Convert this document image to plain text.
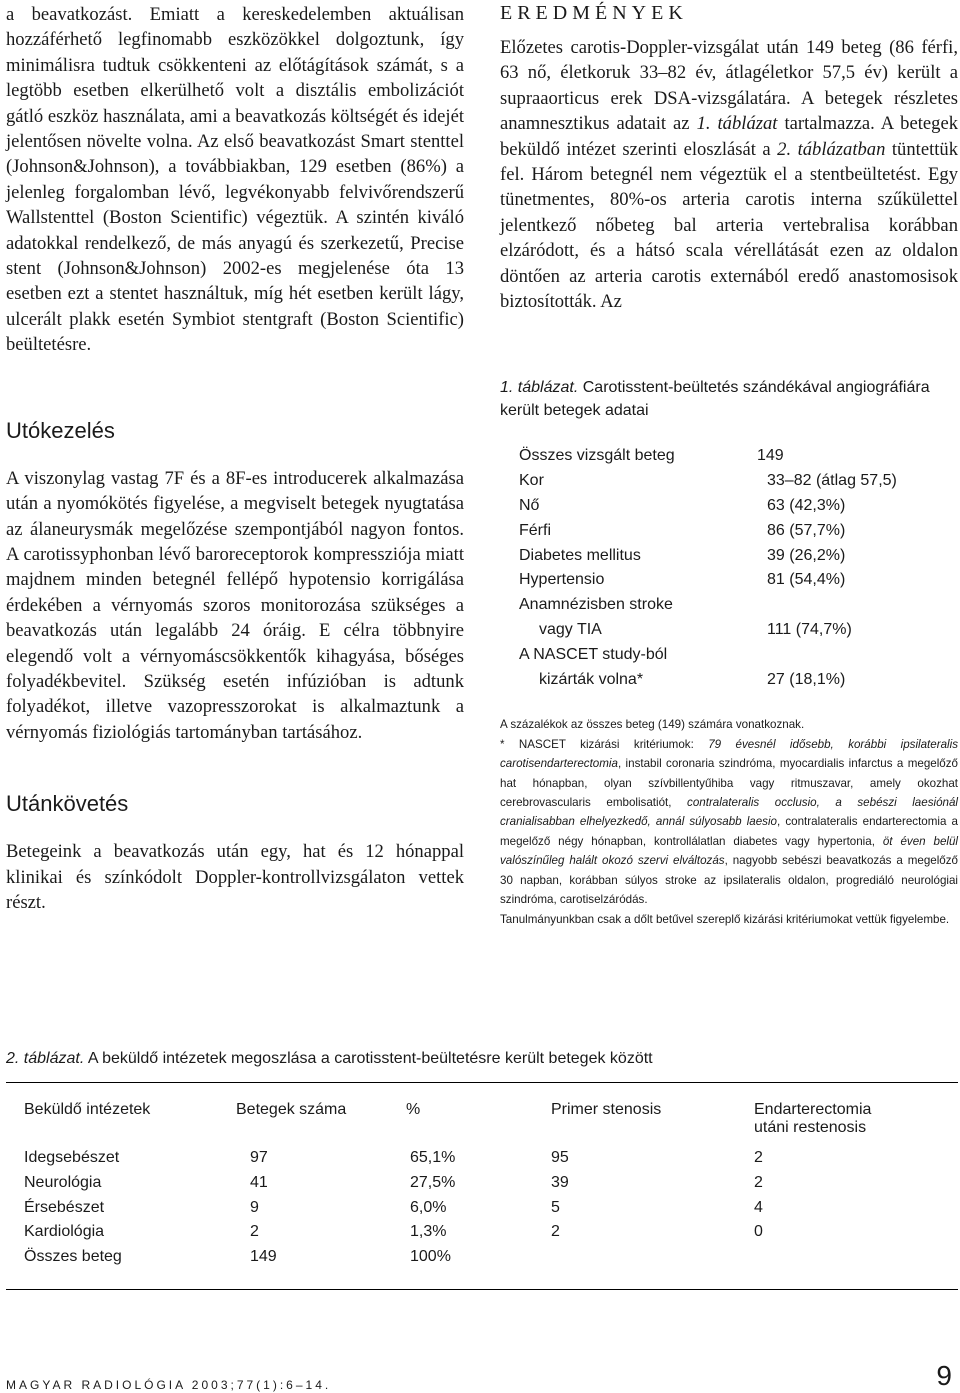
a beavatkozást. Emiatt a kereskedelemben aktuálisan hozzáférhető legfinomabb eszközökkel dolgoztunk, így minimálisra tudtuk csökkenteni az előtágítások számát, s a legtöbb esetben elkerülhető volt a disztális embolizációt gátló eszköz használata, ami a beavatkozás költségét és idejét jelentősen növelte volna. Az első beavatkozást Smart stenttel (Johnson&Johnson), a továbbiakban, 129 esetben (86%) a jelenleg forgalomban lévő, legvékonyabb felvivőrendszerű Wallstenttel (Boston Scientific) végeztük. A szintén kiváló adatokkal rendelkező, de más anyagú és szerkezetű, Precise stent (Johnson&Johnson) 2002-es megjelenése óta 13 esetben ezt a stentet használtuk, míg hét esetben került lágy, ulcerált plakk esetén Symbiot stentgraft (Boston Scientific) beültetésre.

Utókezelés

A viszonylag vastag 7F és a 8F-es introducerek alkalmazása után a nyomókötés figyelése, a megviselt betegek nyugtatása az álaneurysmák megelőzése szempontjából nagyon fontos. A carotissyphonban lévő baroreceptorok kompressziója miatt majdnem minden betegnél fellépő hypotensio korrigálása érdekében a vérnyomás szoros monitorozása szükséges a beavatkozás után legalább 24 óráig. E célra többnyire elegendő volt a vérnyomáscsökkentők kihagyása, bőséges folyadékbevitel. Szükség esetén infúzióban is adtunk folyadékot, illetve vazopresszorokat is alkalmaztunk a vérnyomás fiziológiás tartományban tartásához.

Utánkövetés

Betegeink a beavatkozás után egy, hat és 12 hónappal klinikai és színkódolt Doppler-kontrollvizsgálaton vettek részt.

EREDMÉNYEK

Előzetes carotis-Doppler-vizsgálat után 149 beteg (86 férfi, 63 nő, életkoruk 33–82 év, átlagéletkor 57,5 év) került a supraaorticus erek DSA-vizsgálatára. A betegek részletes anamnesztikus adatait az 1. táblázat tartalmazza. A betegek beküldő intézet szerinti eloszlását a 2. táblázatban tüntettük fel. Három betegnél nem végeztük el a stentbeültetést. Egy tünetmentes, 80%-os arteria carotis interna szűkülettel jelentkező nőbeteg bal arteria vertebralisa korábban elzáródott, és a hátsó scala vérellátását ezen az oldalon döntően az arteria carotis externából eredő anastomosisok biztosították. Az

1. táblázat. Carotisstent-beültetés szándékával angiográfiára került betegek adatai

Összes vizsgált beteg	149
Kor	33–82 (átlag 57,5)
Nő	63 (42,3%)
Férfi	86 (57,7%)
Diabetes mellitus	39 (26,2%)
Hypertensio	81 (54,4%)
Anamnézisben stroke	
vagy TIA	111 (74,7%)
A NASCET study-ból	
kizárták volna*	27 (18,1%)

A százalékok az összes beteg (149) számára vonatkoznak.

* NASCET kizárási kritériumok: 79 évesnél idősebb, korábbi ipsilateralis carotisendarterectomia, instabil coronaria szindróma, myocardialis infarctus a megelőző hat hónapban, olyan szívbillentyűhiba vagy ritmuszavar, amely okozhat cerebrovascularis embolisatiót, contralateralis occlusio, a sebészi laesiónál cranialisabban elhelyezkedő, annál súlyosabb laesio, contralateralis endarterectomia a megelőző négy hónapban, kontrollálatlan diabetes vagy hypertonia, öt éven belül valószínűleg halált okozó szervi elváltozás, nagyobb sebészi beavatkozás a megelőző 30 napban, korábban súlyos stroke az ipsilateralis oldalon, progrediáló neurológiai szindróma, carotiselzáródás.

Tanulmányunkban csak a dőlt betűvel szereplő kizárási kritériumokat vettük figyelembe.

2. táblázat. A beküldő intézetek megoszlása a carotisstent-beültetésre került betegek között

Beküldő intézetek	Betegek száma	%	Primer stenosis	Endarterectomia
utáni restenosis

Idegsebészet	97	65,1%	95	2
Neurológia	41	27,5%	39	2
Érsebészet	9	6,0%	5	4
Kardiológia	2	1,3%	2	0
Összes beteg	149	100%		
MAGYAR RADIOLÓGIA 2003;77(1):6–14.	9
